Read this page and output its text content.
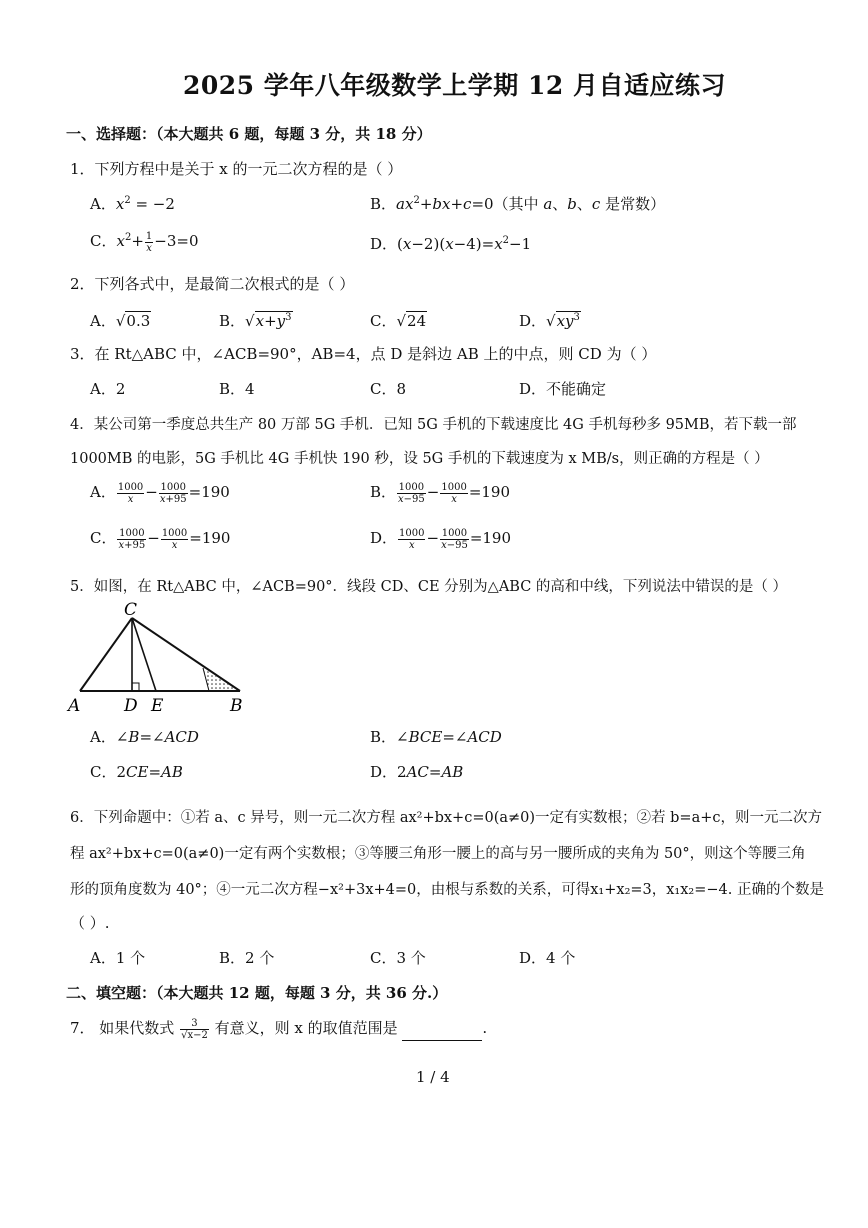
2025 学年八年级数学上学期 12 月自适应练习
一、选择题：（本大题共 6 题，每题 3 分，共 18 分）
1．下列方程中是关于 x 的一元二次方程的是（ ）
A．$x^2 = -2$	B．$ax^2+bx+c=0$（其中 a、b、c 是常数）
C．$x^2+ \frac{1}{x} -3=0$	D．$(x-2)(x-4)=x^2-1$
2．下列各式中，是最简二次根式的是（ ）
A．√0.3	B．$√x+y^3$	C．√24	D．$√xy^3$
3．在 Rt△ABC 中，∠ACB=90°，AB=4，点 D 是斜边 AB 上的中点，则 CD 为（ ）
A．2	B．4	C．8	D．不能确定
4．某公司第一季度总共生产 80 万部 5G 手机．已知 5G 手机的下载速度比 4G 手机每秒多 95MB，若下载一部
1000MB 的电影，5G 手机比 4G 手机快 190 秒，设 5G 手机的下载速度为 x MB/s，则正确的方程是（ ）
A． $\frac{1000}{x} - \frac{1000}{x+95} =190$	B． $\frac{1000}{x-95} - \frac{1000}{x} =190$
C． $\frac{1000}{x+95} - \frac{1000}{x} =190$	D． $\frac{1000}{x} - \frac{1000}{x-95} =190$
5．如图，在 Rt△ABC 中，∠ACB=90°．线段 CD、CE 分别为△ABC 的高和中线，下列说法中错误的是（ ）
C
A	D E	B
A．∠B=∠ACD	B．∠BCE=∠ACD
C．2CE=AB	D．2AC=AB
6．下列命题中：①若 a、c 异号，则一元二次方程 ax²+bx+c=0(a≠0)一定有实数根；②若 b=a+c，则一元二次方
程 ax²+bx+c=0(a≠0)一定有两个实数根；③等腰三角形一腰上的高与另一腰所成的夹角为 50°，则这个等腰三角
形的顶角度数为 40°；④一元二次方程−x²+3x+4=0，由根与系数的关系，可得x₁+x₂=3，x₁x₂=−4. 正确的个数是
（ ）.
A．1 个	B．2 个	C．3 个	D．4 个
二、填空题：（本大题共 12 题，每题 3 分，共 36 分.）
7． 如果代数式 $\frac{3}{√x-2}$ 有意义，则 x 的取值范围是	.
1 / 4
